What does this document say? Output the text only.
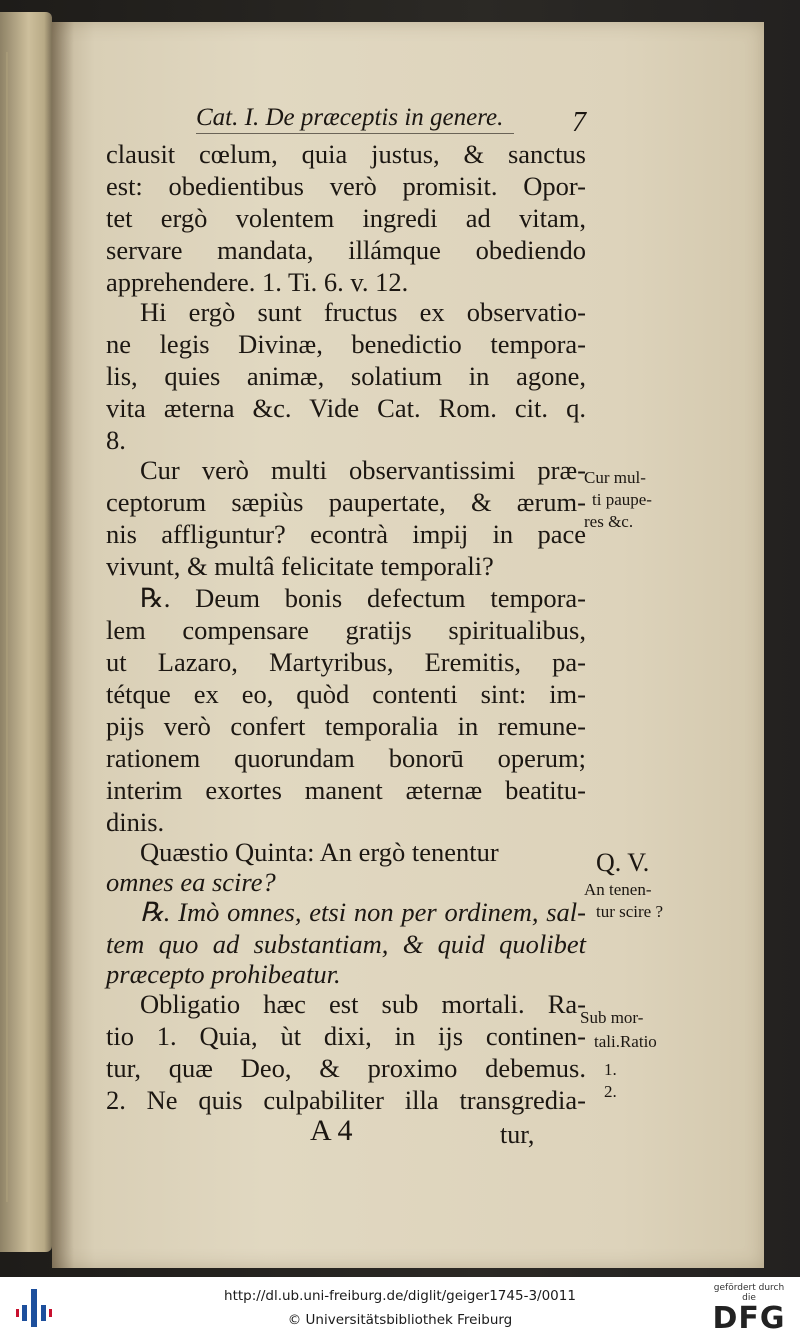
Cat. I. De præceptis in genere. 7
clausit cœlum, quia justus, & sanctus
est: obedientibus verò promisit. Opor-
tet ergò volentem ingredi ad vitam,
servare mandata, illámque obediendo
apprehendere. 1. Ti. 6. v. 12.
Hi ergò sunt fructus ex observatio-
ne legis Divinæ, benedictio tempora-
lis, quies animæ, solatium in agone,
vita æterna &c. Vide Cat. Rom. cit. q.
8.
Cur verò multi observantissimi præ-
ceptorum sæpiùs paupertate, & ærum-
nis affliguntur? econtrà impij in pace
vivunt, & multâ felicitate temporali?
℞. Deum bonis defectum tempora-
lem compensare gratijs spiritualibus,
ut Lazaro, Martyribus, Eremitis, pa-
tétque ex eo, quòd contenti sint: im-
pijs verò confert temporalia in remune-
rationem quorundam bonorū operum;
interim exortes manent æternæ beatitu-
dinis.
Quæstio Quinta: An ergò tenentur
omnes ea scire?
℞. Imò omnes, etsi non per ordinem, sal-
tem quo ad substantiam, & quid quolibet
præcepto prohibeatur.
Obligatio hæc est sub mortali. Ra-
tio 1. Quia, ùt dixi, in ijs continen-
tur, quæ Deo, & proximo debemus.
2. Ne quis culpabiliter illa transgredia-
A 4	tur,
Cur mul-
ti paupe-
res &c.
Q. V.
An tenen-
tur scire ?
Sub mor-
tali.Ratio
1.
2.
http://dl.ub.uni-freiburg.de/diglit/geiger1745-3/0011
© Universitätsbibliothek Freiburg
gefördert durch die
DFG
